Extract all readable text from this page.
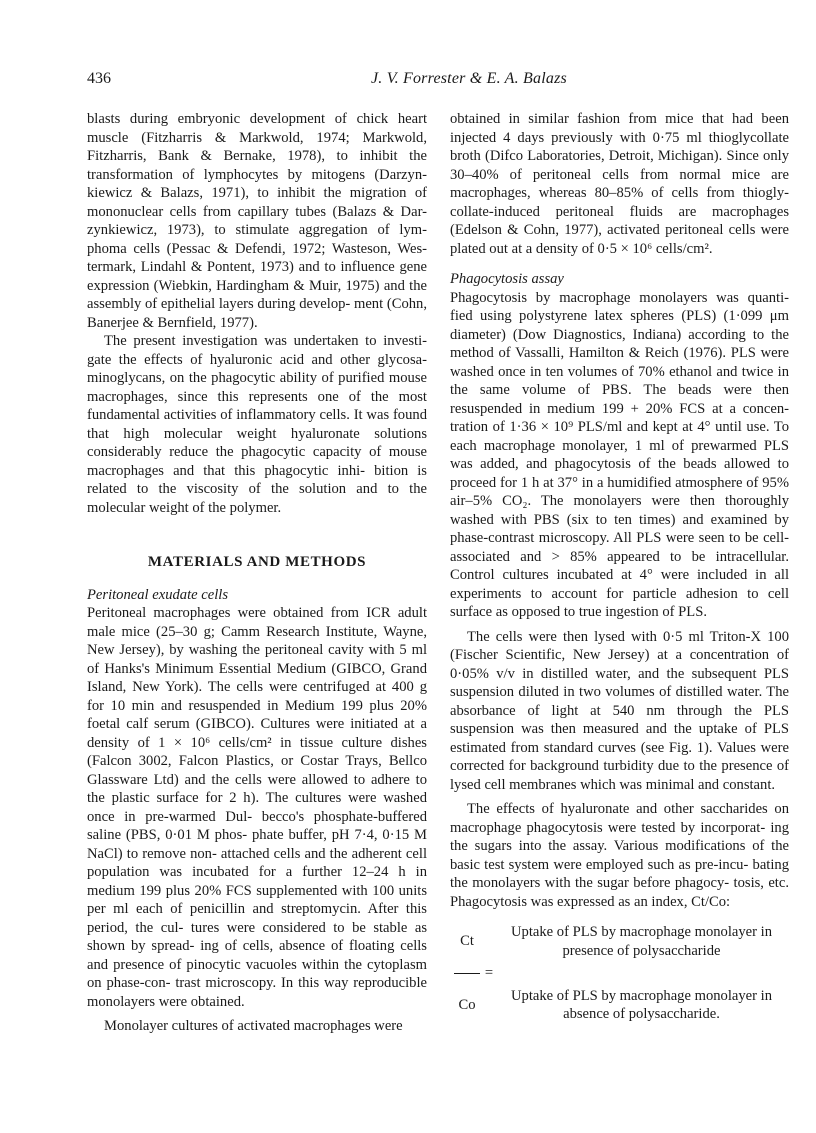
436	J. V. Forrester & E. A. Balazs

blasts during embryonic development of chick heart muscle (Fitzharris & Markwold, 1974; Markwold, Fitzharris, Bank & Bernake, 1978), to inhibit the transformation of lymphocytes by mitogens (Darzyn- kiewicz & Balazs, 1971), to inhibit the migration of mononuclear cells from capillary tubes (Balazs & Dar- zynkiewicz, 1973), to stimulate aggregation of lym- phoma cells (Pessac & Defendi, 1972; Wasteson, Wes- termark, Lindahl & Pontent, 1973) and to influence gene expression (Wiebkin, Hardingham & Muir, 1975) and the assembly of epithelial layers during develop- ment (Cohn, Banerjee & Bernfield, 1977).

The present investigation was undertaken to investi- gate the effects of hyaluronic acid and other glycosa- minoglycans, on the phagocytic ability of purified mouse macrophages, since this represents one of the most fundamental activities of inflammatory cells. It was found that high molecular weight hyaluronate solutions considerably reduce the phagocytic capacity of mouse macrophages and that this phagocytic inhi- bition is related to the viscosity of the solution and to the molecular weight of the polymer.

MATERIALS AND METHODS

Peritoneal exudate cells

Peritoneal macrophages were obtained from ICR adult male mice (25–30 g; Camm Research Institute, Wayne, New Jersey), by washing the peritoneal cavity with 5 ml of Hanks's Minimum Essential Medium (GIBCO, Grand Island, New York). The cells were centrifuged at 400 g for 10 min and resuspended in Medium 199 plus 20% foetal calf serum (GIBCO). Cultures were initiated at a density of 1 × 10⁶ cells/cm² in tissue culture dishes (Falcon 3002, Falcon Plastics, or Costar Trays, Bellco Glassware Ltd) and the cells were allowed to adhere to the plastic surface for 2 h). The cultures were washed once in pre-warmed Dul- becco's phosphate-buffered saline (PBS, 0·01 M phos- phate buffer, pH 7·4, 0·15 M NaCl) to remove non- attached cells and the adherent cell population was incubated for a further 12–24 h in medium 199 plus 20% FCS supplemented with 100 units per ml each of penicillin and streptomycin. After this period, the cul- tures were considered to be stable as shown by spread- ing of cells, absence of floating cells and presence of pinocytic vacuoles within the cytoplasm on phase-con- trast microscopy. In this way reproducible monolayers were obtained.

Monolayer cultures of activated macrophages were

obtained in similar fashion from mice that had been injected 4 days previously with 0·75 ml thioglycollate broth (Difco Laboratories, Detroit, Michigan). Since only 30–40% of peritoneal cells from normal mice are macrophages, whereas 80–85% of cells from thiogly- collate-induced peritoneal fluids are macrophages (Edelson & Cohn, 1977), activated peritoneal cells were plated out at a density of 0·5 × 10⁶ cells/cm².

Phagocytosis assay

Phagocytosis by macrophage monolayers was quanti- fied using polystyrene latex spheres (PLS) (1·099 μm diameter) (Dow Diagnostics, Indiana) according to the method of Vassalli, Hamilton & Reich (1976). PLS were washed once in ten volumes of 70% ethanol and twice in the same volume of PBS. The beads were then resuspended in medium 199 + 20% FCS at a concen- tration of 1·36 × 10⁹ PLS/ml and kept at 4° until use. To each macrophage monolayer, 1 ml of prewarmed PLS was added, and phagocytosis of the beads allowed to proceed for 1 h at 37° in a humidified atmosphere of 95% air–5% CO₂. The monolayers were then thoroughly washed with PBS (six to ten times) and examined by phase-contrast microscopy. All PLS were seen to be cell-associated and > 85% appeared to be intracellular. Control cultures incubated at 4° were included in all experiments to account for particle adhesion to cell surface as opposed to true ingestion of PLS.

The cells were then lysed with 0·5 ml Triton-X 100 (Fischer Scientific, New Jersey) at a concentration of 0·05% v/v in distilled water, and the subsequent PLS suspension diluted in two volumes of distilled water. The absorbance of light at 540 nm through the PLS suspension was then measured and the uptake of PLS estimated from standard curves (see Fig. 1). Values were corrected for background turbidity due to the presence of lysed cell membranes which was minimal and constant.

The effects of hyaluronate and other saccharides on macrophage phagocytosis were tested by incorporat- ing the sugars into the assay. Various modifications of the basic test system were employed such as pre-incu- bating the monolayers with the sugar before phagocy- tosis, etc. Phagocytosis was expressed as an index, Ct/Co:

Ct
Uptake of PLS by macrophage monolayer in presence of polysaccharide
=
Co
Uptake of PLS by macrophage monolayer in absence of polysaccharide.
